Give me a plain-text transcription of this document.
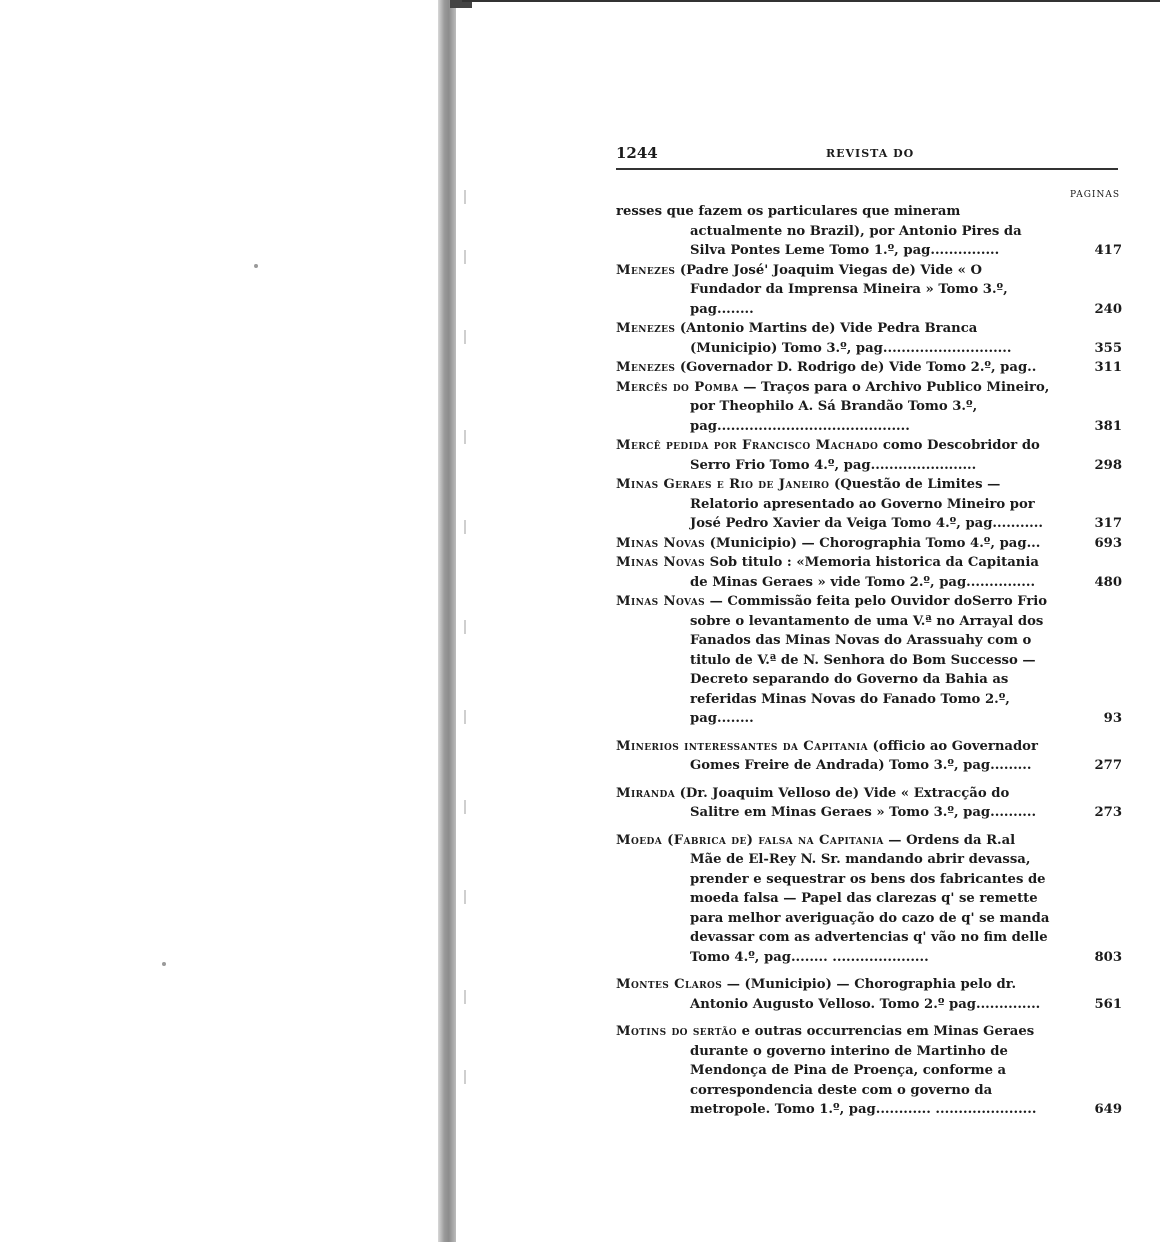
1244	REVISTA DO
PAGINAS
resses que fazem os particulares que mineram actualmente no Brazil), por Antonio Pires da Silva Pontes Leme Tomo 1.º, pag...............	417
Menezes (Padre José' Joaquim Viegas de) Vide « O Fundador da Imprensa Mineira » Tomo 3.º, pag........	240
Menezes (Antonio Martins de) Vide Pedra Branca (Municipio) Tomo 3.º, pag............................	355
Menezes (Governador D. Rodrigo de) Vide Tomo 2.º, pag..	311
Mercês do Pomba — Traços para o Archivo Publico Mineiro, por Theophilo A. Sá Brandão Tomo 3.º, pag..........................................	381
Mercê pedida por Francisco Machado como Descobridor do Serro Frio Tomo 4.º, pag.......................	298
Minas Geraes e Rio de Janeiro (Questão de Limites — Relatorio apresentado ao Governo Mineiro por José Pedro Xavier da Veiga Tomo 4.º, pag...........	317
Minas Novas (Municipio) — Chorographia Tomo 4.º, pag...	693
Minas Novas Sob titulo : «Memoria historica da Capitania de Minas Geraes » vide Tomo 2.º, pag...............	480
Minas Novas — Commissão feita pelo Ouvidor doSerro Frio sobre o levantamento de uma V.ª no Arrayal dos Fanados das Minas Novas do Arassuahy com o titulo de V.ª de N. Senhora do Bom Successo — Decreto separando do Governo da Bahia as referidas Minas Novas do Fanado Tomo 2.º, pag........	93
Minerios interessantes da Capitania (officio ao Governador Gomes Freire de Andrada) Tomo 3.º, pag.........	277
Miranda (Dr. Joaquim Velloso de) Vide « Extracção do Salitre em Minas Geraes » Tomo 3.º, pag..........	273
Moeda (Fabrica de) falsa na Capitania — Ordens da R.al Mãe de El-Rey N. Sr. mandando abrir devassa, prender e sequestrar os bens dos fabricantes de moeda falsa — Papel das clarezas q' se remette para melhor averiguação do cazo de q' se manda devassar com as advertencias q' vão no fim delle Tomo 4.º, pag........ .....................	803
Montes Claros — (Municipio) — Chorographia pelo dr. Antonio Augusto Velloso. Tomo 2.º pag..............	561
Motins do sertão e outras occurrencias em Minas Geraes durante o governo interino de Martinho de Mendonça de Pina de Proença, conforme a correspondencia deste com o governo da metropole. Tomo 1.º, pag............ ......................	649
